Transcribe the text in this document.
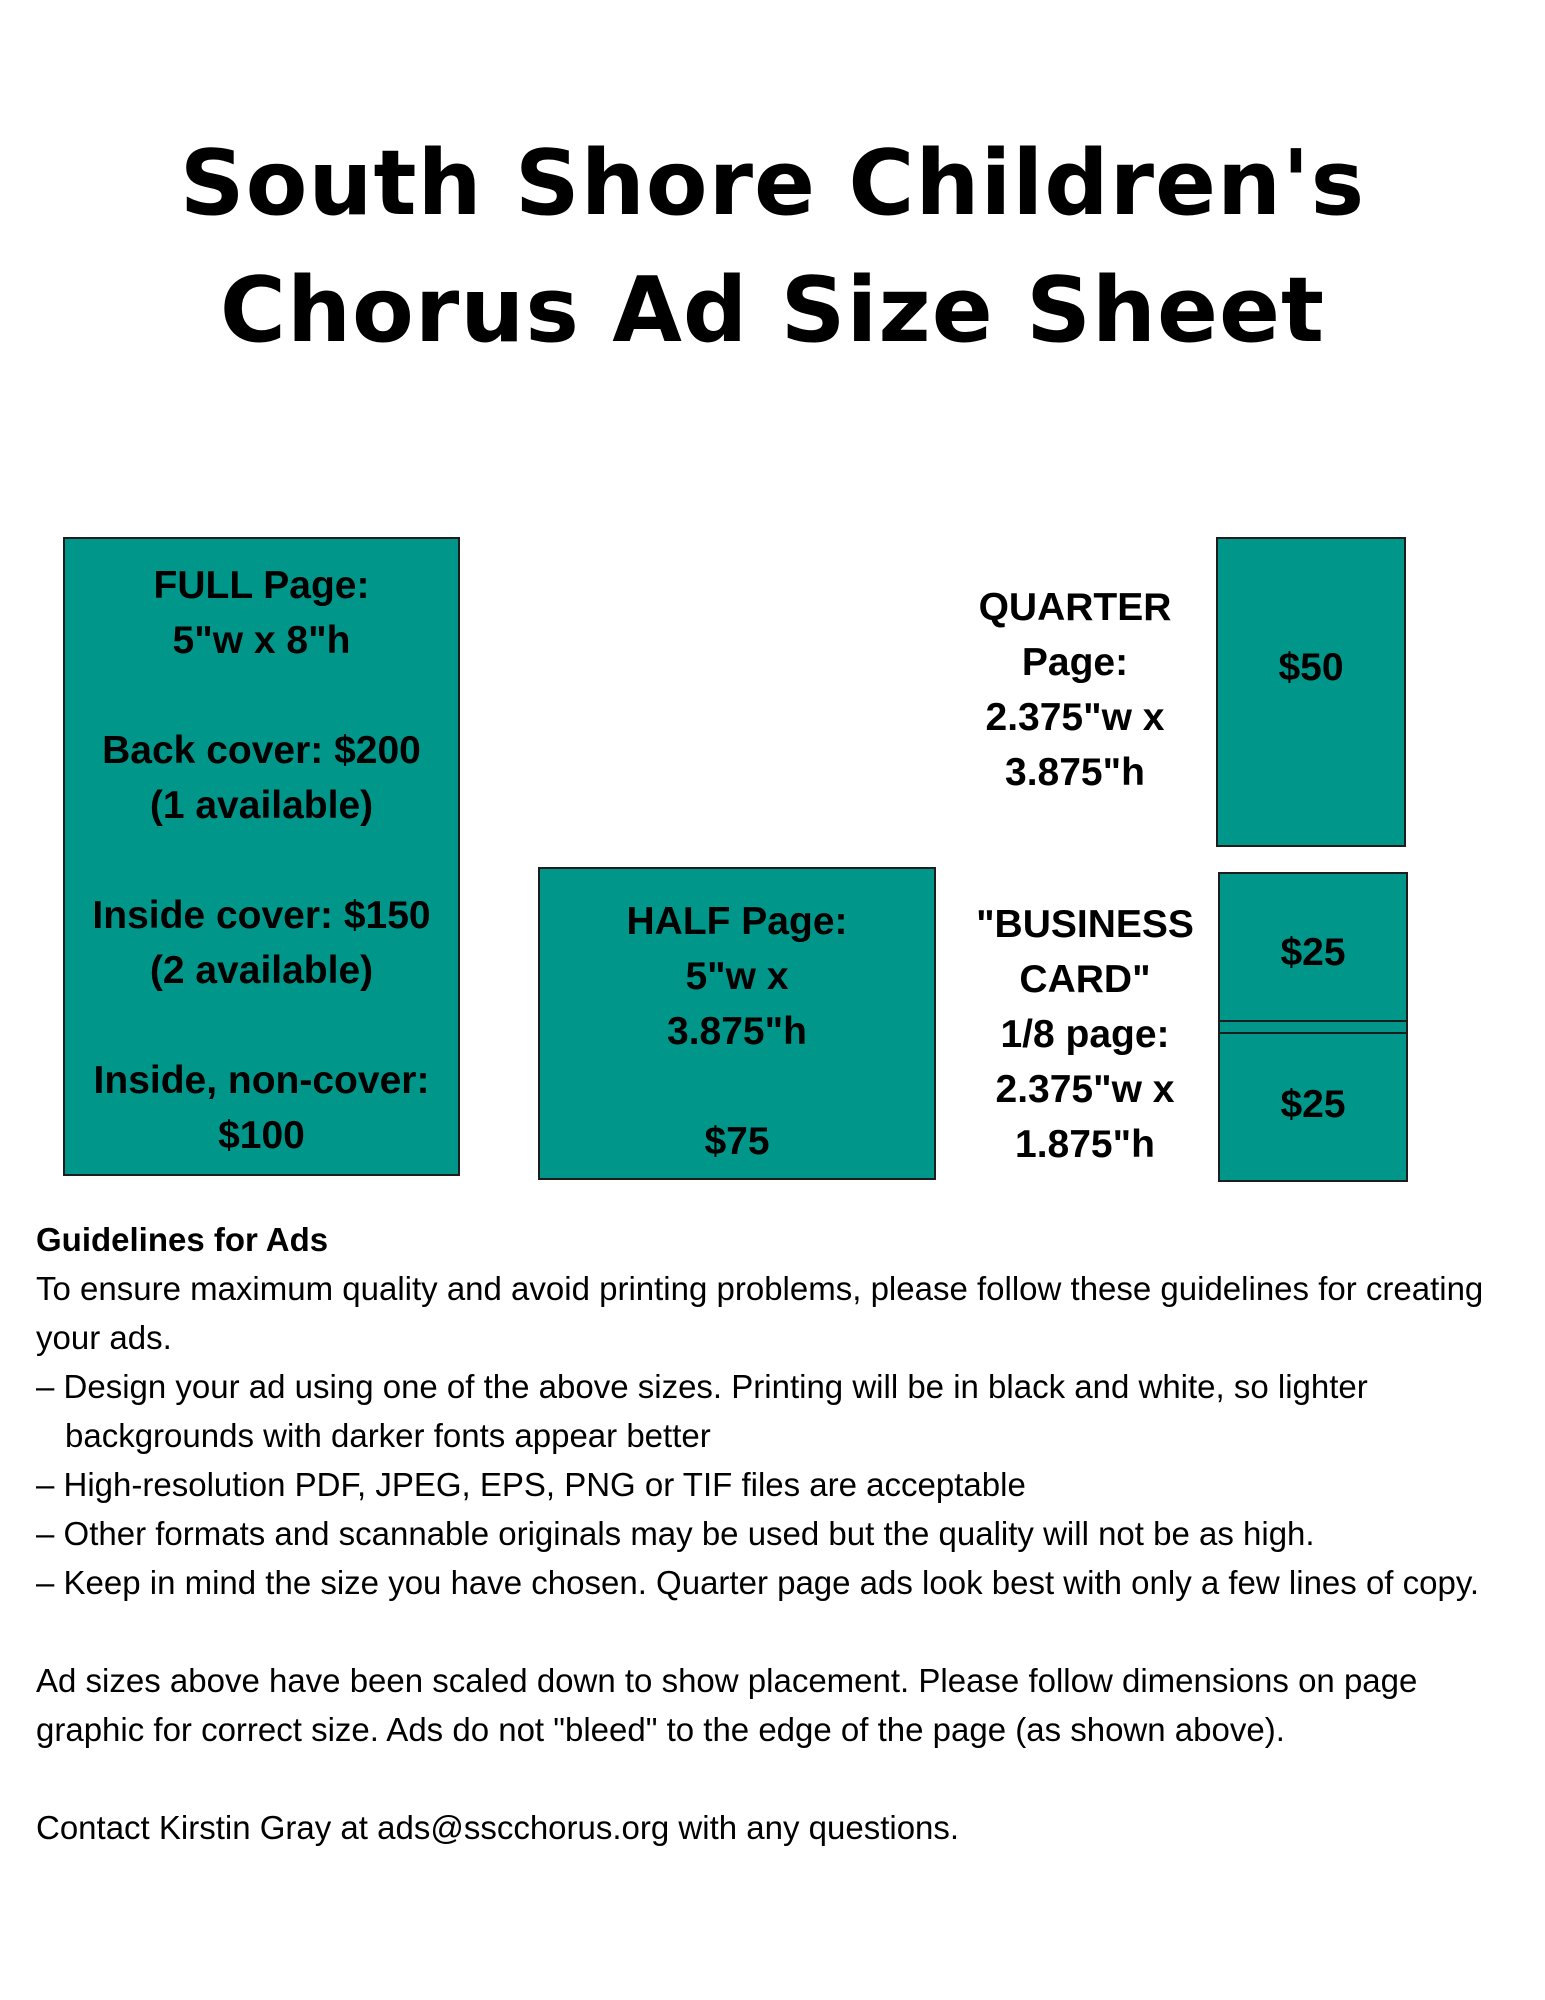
South Shore Children's
Chorus Ad Size Sheet
FULL Page:
5"w x 8"h
Back cover: $200
(1 available)
Inside cover: $150
(2 available)
Inside, non-cover:
$100
HALF Page:
5"w x
3.875"h
$75
QUARTER
Page:
2.375"w x
3.875"h
$50
"BUSINESS
CARD"
1/8 page:
2.375"w x
1.875"h
$25
$25
Guidelines for Ads
To ensure maximum quality and avoid printing problems, please follow these guidelines for creating your ads.
– Design your ad using one of the above sizes. Printing will be in black and white, so lighter backgrounds with darker fonts appear better
– High-resolution PDF, JPEG, EPS, PNG or TIF files are acceptable
– Other formats and scannable originals may be used but the quality will not be as high.
– Keep in mind the size you have chosen. Quarter page ads look best with only a few lines of copy.
Ad sizes above have been scaled down to show placement. Please follow dimensions on page graphic for correct size. Ads do not "bleed" to the edge of the page (as shown above).
Contact Kirstin Gray at ads@sscchorus.org with any questions.
